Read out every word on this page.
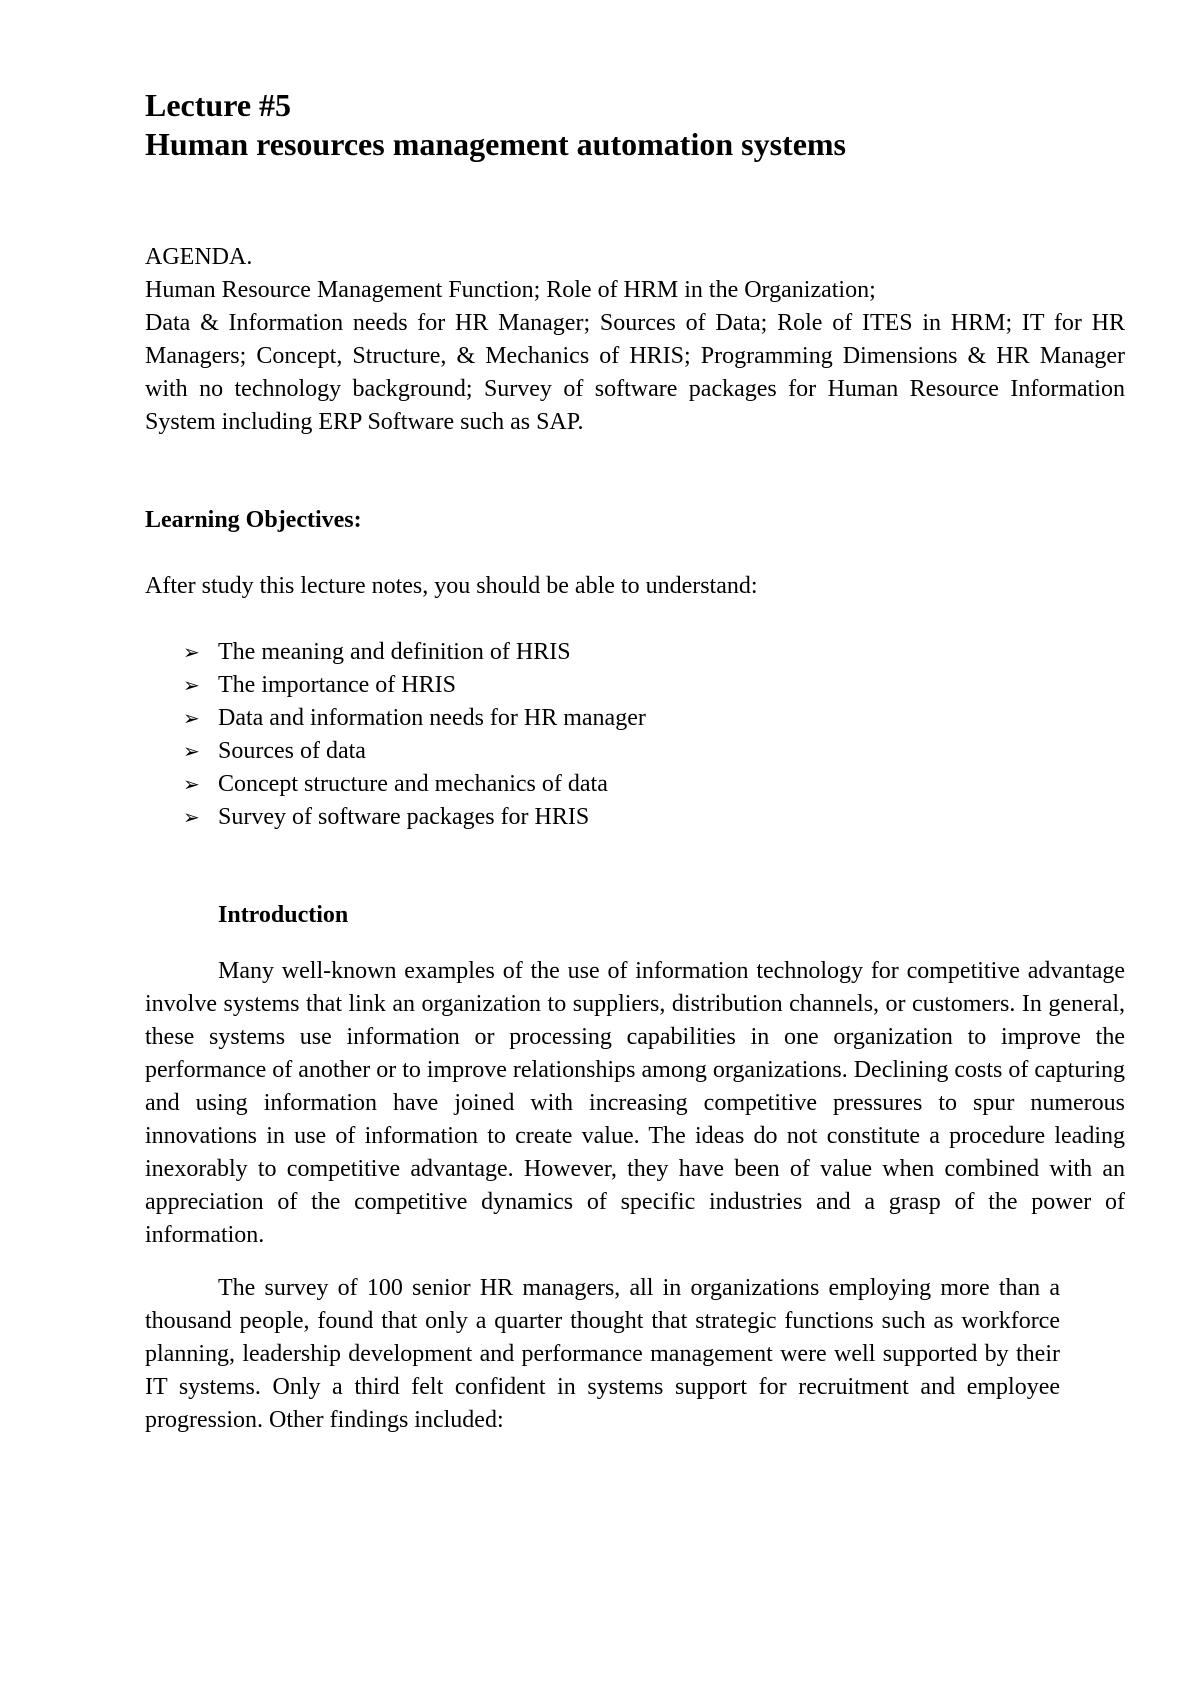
Lecture #5
Human resources management automation systems

AGENDA.

Human Resource Management Function; Role of HRM in the Organization;

Data & Information needs for HR Manager; Sources of Data; Role of ITES in HRM; IT for HR Managers; Concept, Structure, & Mechanics of HRIS; Programming Dimensions & HR Manager with no technology background; Survey of software packages for Human Resource Information System including ERP Software such as SAP.

Learning Objectives:

After study this lecture notes, you should be able to understand:

➢ The meaning and definition of HRIS
➢ The importance of HRIS
➢ Data and information needs for HR manager
➢ Sources of data
➢ Concept structure and mechanics of data
➢ Survey of software packages for HRIS

Introduction

Many well-known examples of the use of information technology for competitive advantage involve systems that link an organization to suppliers, distribution channels, or customers. In general, these systems use information or processing capabilities in one organization to improve the performance of another or to improve relationships among organizations. Declining costs of capturing and using information have joined with increasing competitive pressures to spur numerous innovations in use of information to create value. The ideas do not constitute a procedure leading inexorably to competitive advantage. However, they have been of value when combined with an appreciation of the competitive dynamics of specific industries and a grasp of the power of information.

The survey of 100 senior HR managers, all in organizations employing more than a thousand people, found that only a quarter thought that strategic functions such as workforce planning, leadership development and performance management were well supported by their IT systems. Only a third felt confident in systems support for recruitment and employee progression. Other findings included:
